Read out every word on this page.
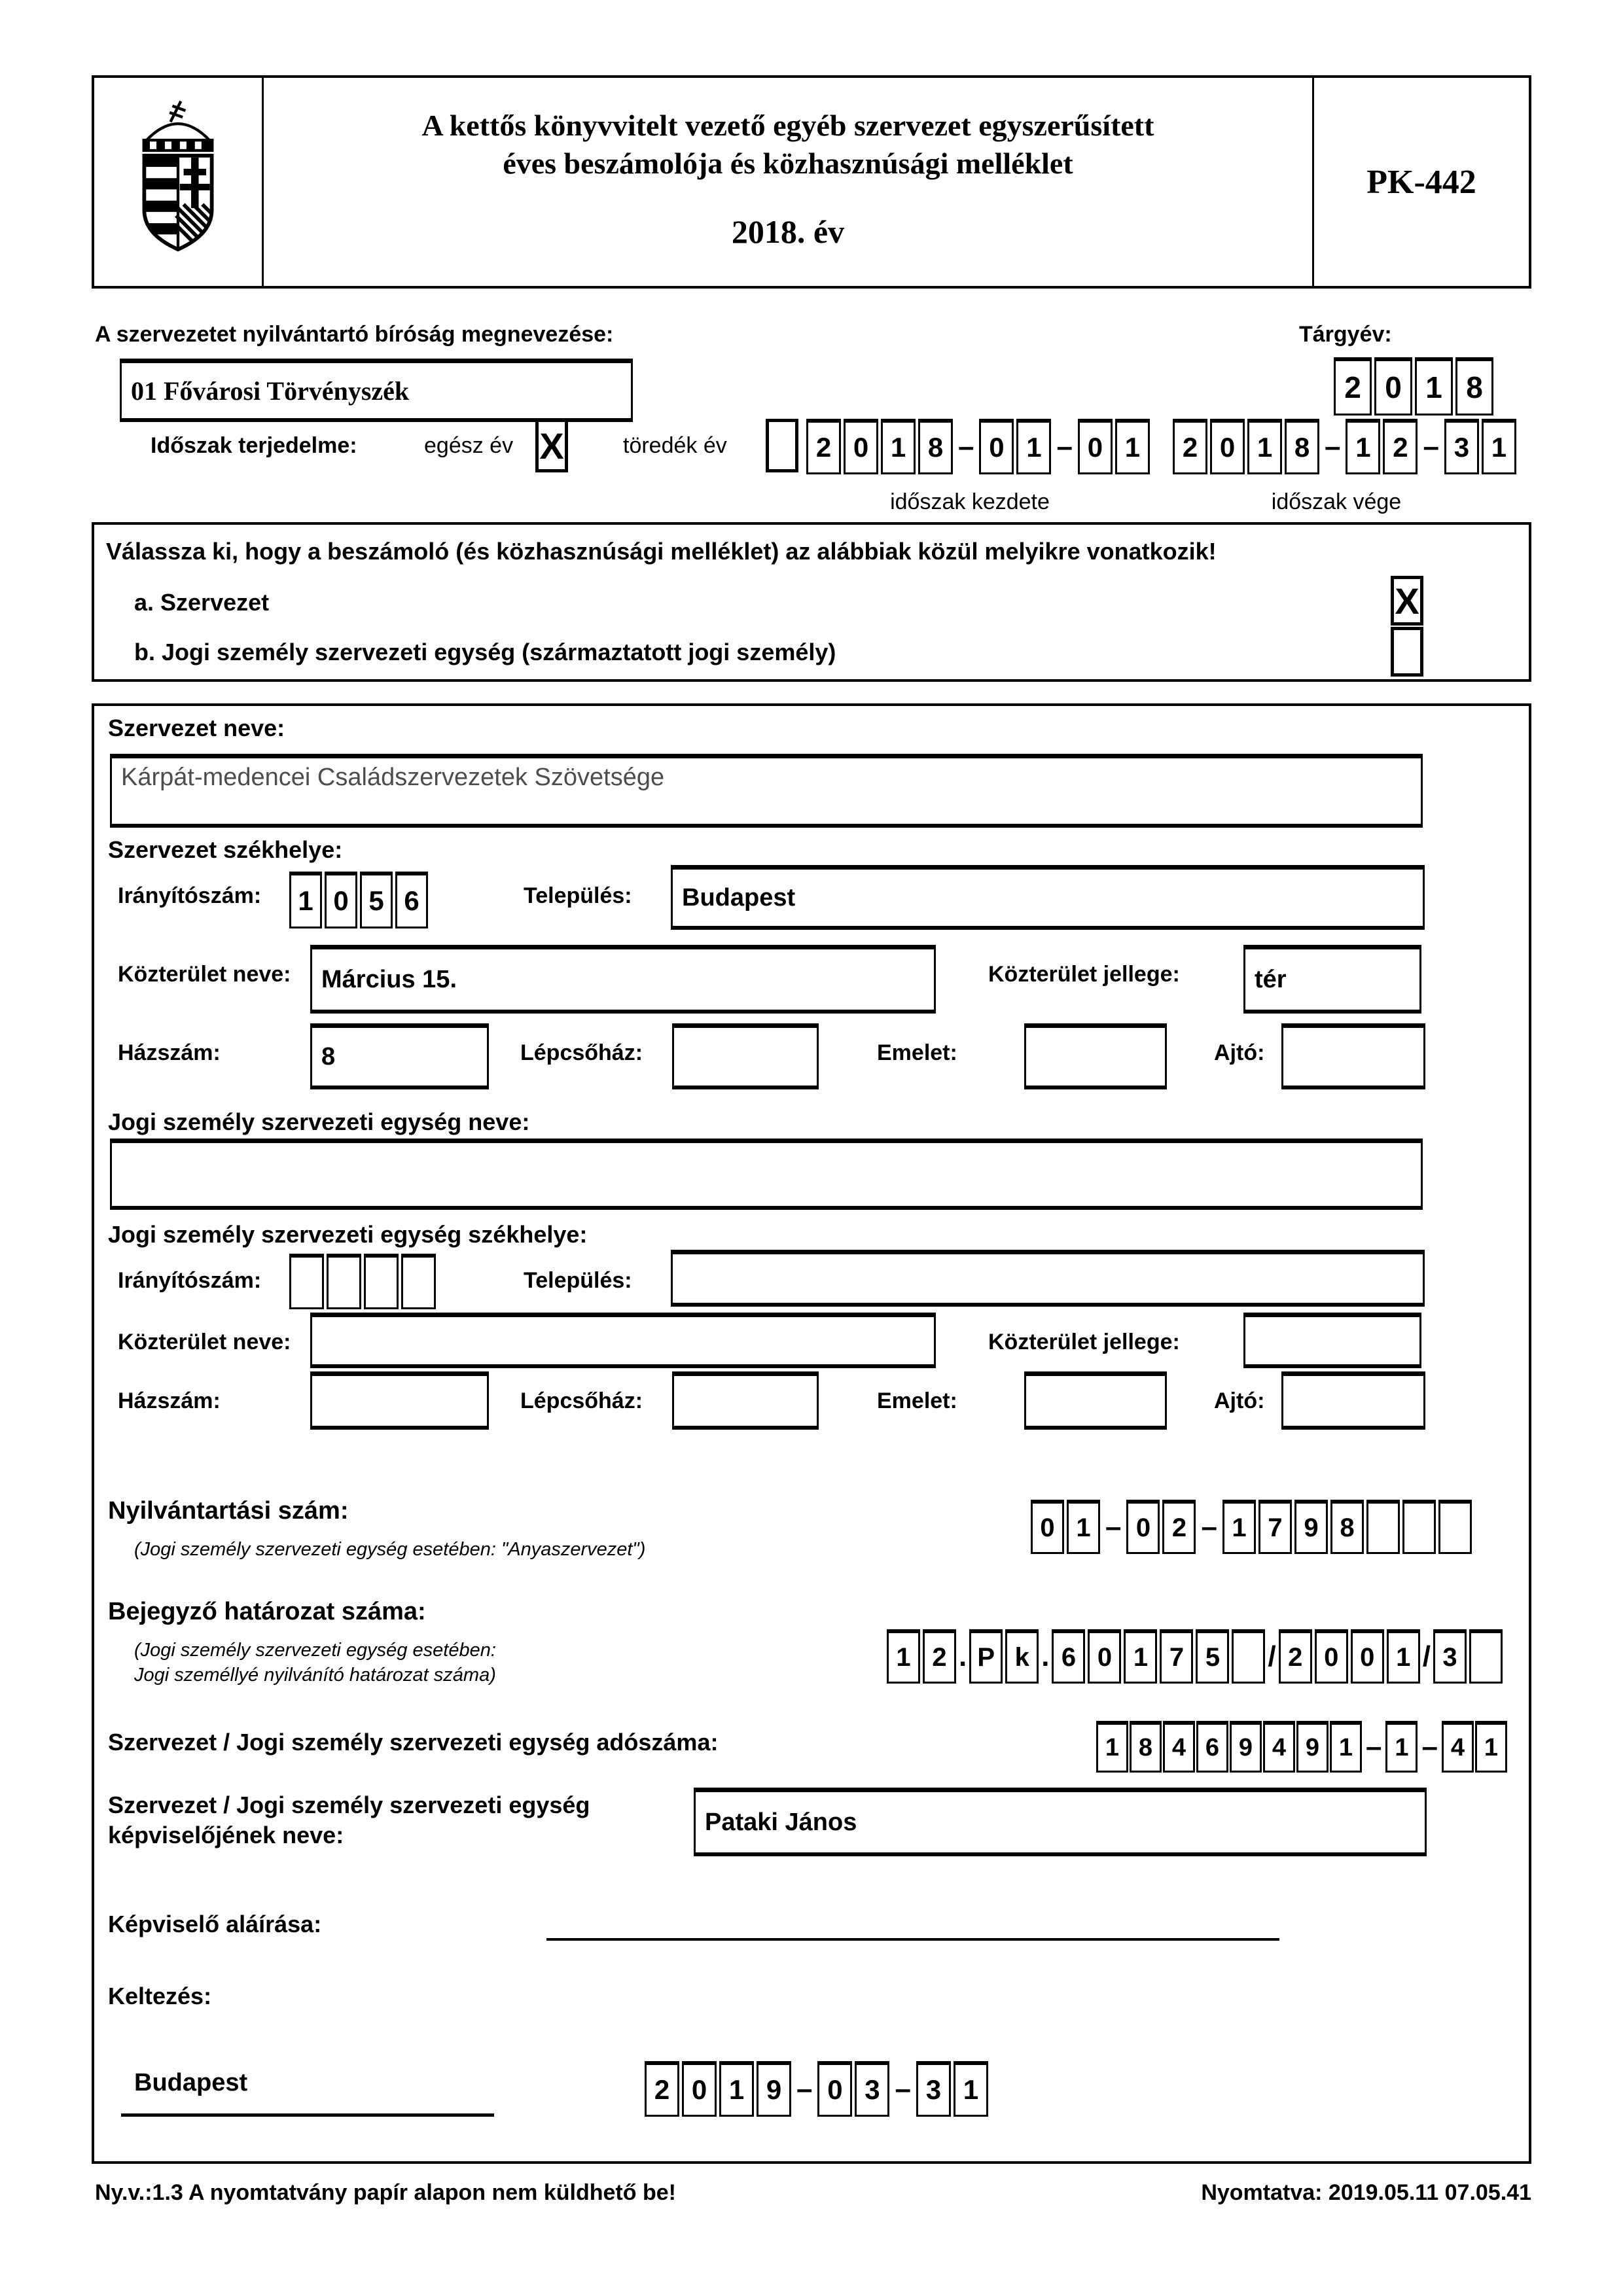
A kettős könyvvitelt vezető egyéb szervezet egyszerűsített
éves beszámolója és közhasznúsági melléklet
2018. év
PK-442
A szervezetet nyilvántartó bíróság megnevezése:	Tárgyév:
01 Fővárosi Törvényszék	2 0 1 8
Időszak terjedelme:	egész év X	töredék év	2 0 1 8 – 0 1 – 0 1	2 0 1 8 – 1 2 – 3 1
időszak kezdete	időszak vége
Válassza ki, hogy a beszámoló (és közhasznúsági melléklet) az alábbiak közül melyikre vonatkozik!
a. Szervezet	X
b. Jogi személy szervezeti egység (származtatott jogi személy)
Szervezet neve:
Kárpát-medencei Családszervezetek Szövetsége
Szervezet székhelye:
Irányítószám:	1 0 5 6	Település:	Budapest
Közterület neve:	Március 15.	Közterület jellege:	tér
Házszám:	8	Lépcsőház:	Emelet:	Ajtó:
Jogi személy szervezeti egység neve:
Jogi személy szervezeti egység székhelye:
Irányítószám:	Település:
Közterület neve:	Közterület jellege:
Házszám:	Lépcsőház:	Emelet:	Ajtó:
Nyilvántartási szám:
(Jogi személy szervezeti egység esetében: "Anyaszervezet")
0 1 – 0 2 – 1 7 9 8
Bejegyző határozat száma:
(Jogi személy szervezeti egység esetében:
Jogi személlyé nyilvánító határozat száma)
1 2 . P k . 6 0 1 7 5	/ 2 0 0 1 / 3
Szervezet / Jogi személy szervezeti egység adószáma:	1 8 4 6 9 4 9 1 – 1 – 4 1
Szervezet / Jogi személy szervezeti egység
képviselőjének neve:	Pataki János
Képviselő aláírása:
Keltezés:
Budapest	2 0 1 9 – 0 3 – 3 1
Ny.v.:1.3 A nyomtatvány papír alapon nem küldhető be!	Nyomtatva: 2019.05.11 07.05.41
